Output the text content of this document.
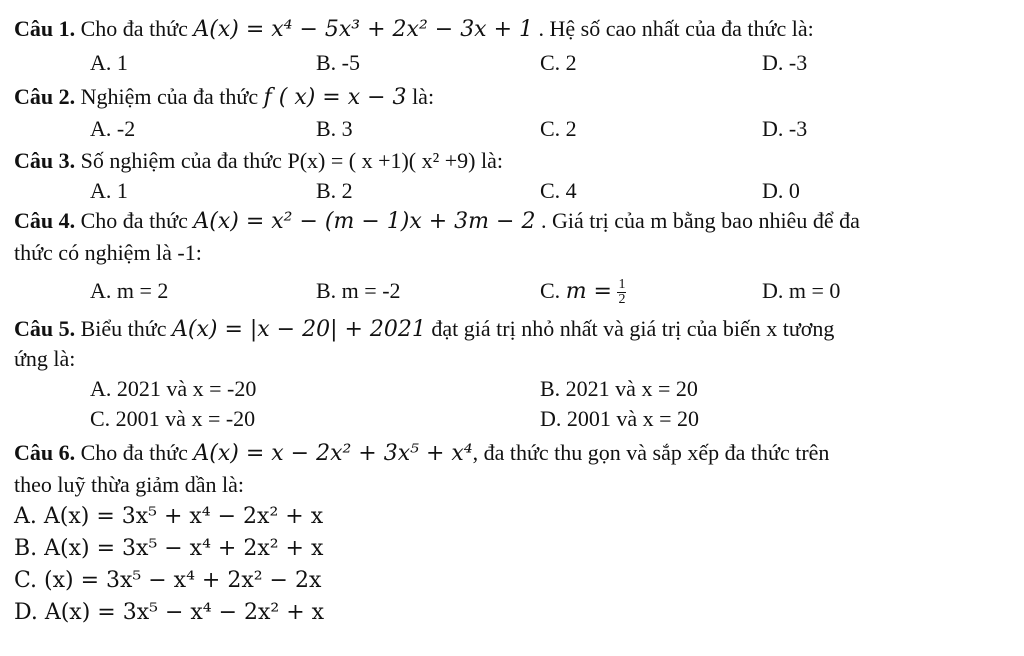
Câu 1. Cho đa thức A(x) = x⁴ − 5x³ + 2x² − 3x + 1 . Hệ số cao nhất của đa thức là:
A. 1	B. -5	C. 2	D. -3
Câu 2. Nghiệm của đa thức f ( x) = x − 3 là:
A. -2	B. 3	C. 2	D. -3
Câu 3. Số nghiệm của đa thức P(x) = ( x +1)( x² +9) là:
A. 1	B. 2	C. 4	D. 0
Câu 4. Cho đa thức A(x) = x² − (m − 1)x + 3m − 2 . Giá trị của m bằng bao nhiêu để đa
thức có nghiệm là -1:
A. m = 2	B. m = -2	C. $m = \frac{1}{2}$	D. m = 0
Câu 5. Biểu thức A(x) = |x − 20| + 2021 đạt giá trị nhỏ nhất và giá trị của biến x tương
ứng là:
A. 2021 và x = -20	B. 2021 và x = 20
C. 2001 và x = -20	D. 2001 và x = 20
Câu 6. Cho đa thức A(x) = x − 2x² + 3x⁵ + x⁴, đa thức thu gọn và sắp xếp đa thức trên
theo luỹ thừa giảm dần là:
A. A(x) = 3x⁵ + x⁴ − 2x² + x
B. A(x) = 3x⁵ − x⁴ + 2x² + x
C. (x) = 3x⁵ − x⁴ + 2x² − 2x
D. A(x) = 3x⁵ − x⁴ − 2x² + x
